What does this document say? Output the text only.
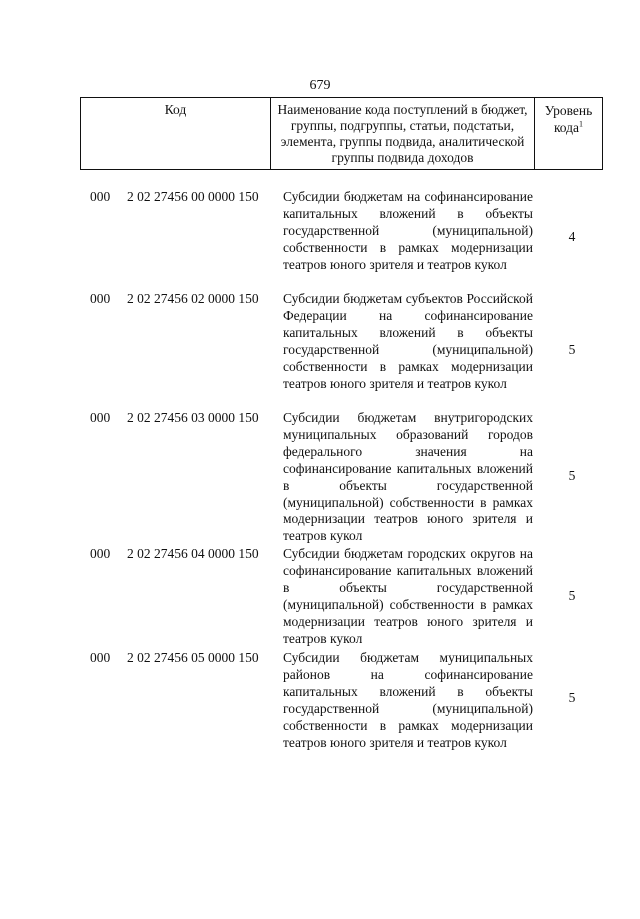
679
Код	Наименование кода поступлений в бюджет, группы, подгруппы, статьи, подстатьи, элемента, группы подвида, аналитической группы подвида доходов
Уровень кода$^1$
000 2 02 27456 00 0000 150 Субсидии бюджетам на софинансирование капитальных вложений в объекты государственной (муниципальной) собственности в рамках модернизации театров юного зрителя и театров кукол
4
000 2 02 27456 02 0000 150 Субсидии бюджетам субъектов Российской Федерации на софинансирование капитальных вложений в объекты государственной (муниципальной) собственности в рамках модернизации театров юного зрителя и театров кукол
5
000 2 02 27456 03 0000 150 Субсидии бюджетам внутригородских муниципальных образований городов федерального значения на софинансирование капитальных вложений в объекты государственной (муниципальной) собственности в рамках модернизации театров юного зрителя и театров кукол
5
000 2 02 27456 04 0000 150 Субсидии бюджетам городских округов на софинансирование капитальных вложений в объекты государственной (муниципальной) собственности в рамках модернизации театров юного зрителя и театров кукол
5
000 2 02 27456 05 0000 150 Субсидии бюджетам муниципальных районов на софинансирование капитальных вложений в объекты государственной (муниципальной) собственности в рамках модернизации театров юного зрителя и театров кукол
5
